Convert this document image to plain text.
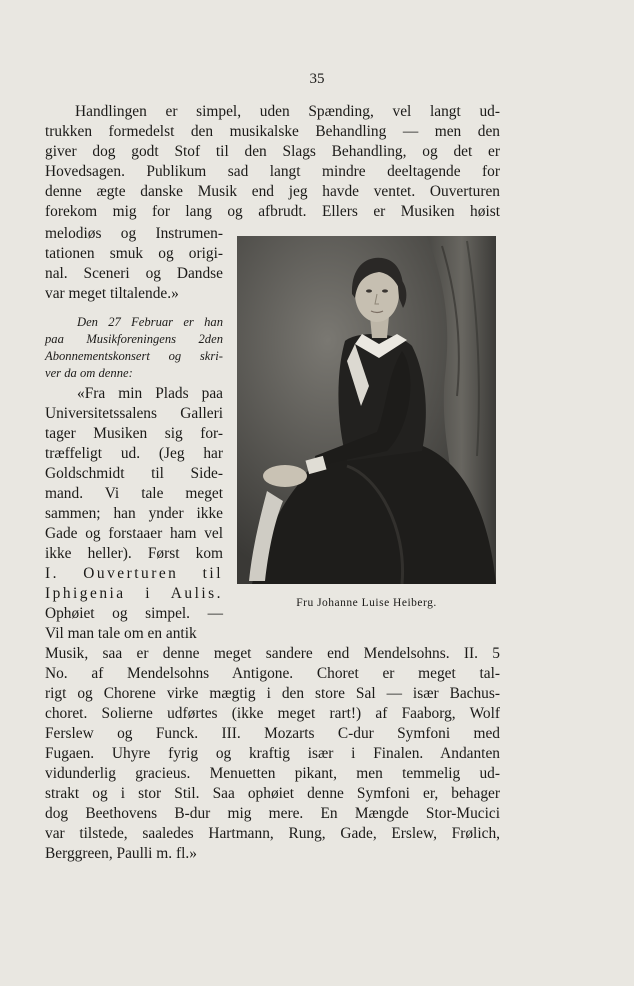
35
Handlingen er simpel, uden Spænding, vel langt ud-
trukken formedelst den musikalske Behandling — men den
giver dog godt Stof til den Slags Behandling, og det er
Hovedsagen. Publikum sad langt mindre deeltagende for
denne ægte danske Musik end jeg havde ventet. Ouverturen
forekom mig for lang og afbrudt. Ellers er Musiken høist
melodiøs og Instrumen-
tationen smuk og origi-
nal. Sceneri og Dandse
var meget tiltalende.»
Den 27 Februar er han
paa Musikforeningens 2den
Abonnementskonsert og skri-
ver da om denne:
«Fra min Plads paa
Universitetssalens Galleri
tager Musiken sig for-
træffeligt ud. (Jeg har
Goldschmidt til Side-
mand. Vi tale meget
sammen; han ynder ikke
Gade og forstaaer ham vel
ikke heller). Først kom
I. Ouverturen til
Iphigenia i Aulis.
Ophøiet og simpel. —
Vil man tale om en antik
Fru Johanne Luise Heiberg.
Musik, saa er denne meget sandere end Mendelsohns. II. 5
No. af Mendelsohns Antigone. Choret er meget tal-
rigt og Chorene virke mægtig i den store Sal — især Bachus-
choret. Solierne udførtes (ikke meget rart!) af Faaborg, Wolf
Ferslew og Funck. III. Mozarts C-dur Symfoni med
Fugaen. Uhyre fyrig og kraftig især i Finalen. Andanten
vidunderlig gracieus. Menuetten pikant, men temmelig ud-
strakt og i stor Stil. Saa ophøiet denne Symfoni er, behager
dog Beethovens B-dur mig mere. En Mængde Stor-Mucici
var tilstede, saaledes Hartmann, Rung, Gade, Erslew, Frølich,
Berggreen, Paulli m. fl.»
